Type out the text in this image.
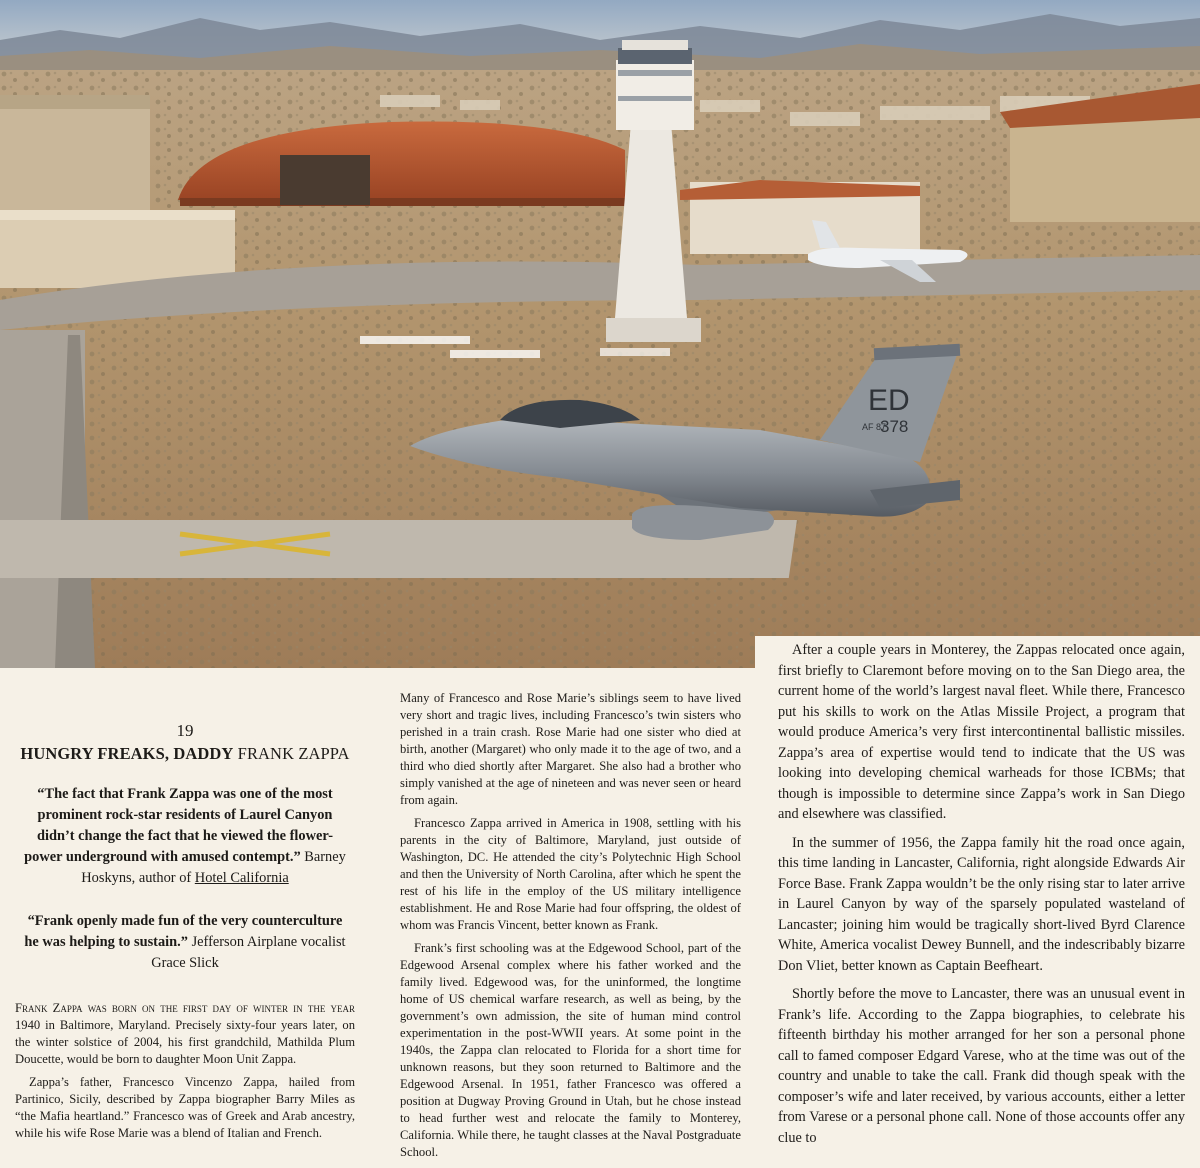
ED
AF 87
378
19
HUNGRY FREAKS, DADDY FRANK ZAPPA
“The fact that Frank Zappa was one of the most prominent rock-star residents of Laurel Canyon didn’t change the fact that he viewed the flower-power underground with amused contempt.” Barney Hoskyns, author of Hotel California
“Frank openly made fun of the very counterculture he was helping to sustain.” Jefferson Airplane vocalist Grace Slick

Frank Zappa was born on the first day of winter in the year 1940 in Baltimore, Maryland. Precisely sixty-four years later, on the winter solstice of 2004, his first grandchild, Mathilda Plum Doucette, would be born to daughter Moon Unit Zappa.

Zappa’s father, Francesco Vincenzo Zappa, hailed from Partinico, Sicily, described by Zappa biographer Barry Miles as “the Mafia heartland.” Francesco was of Greek and Arab ancestry, while his wife Rose Marie was a blend of Italian and French.

Many of Francesco and Rose Marie’s siblings seem to have lived very short and tragic lives, including Francesco’s twin sisters who perished in a train crash. Rose Marie had one sister who died at birth, another (Margaret) who only made it to the age of two, and a third who died shortly after Margaret. She also had a brother who simply vanished at the age of nineteen and was never seen or heard from again.

Francesco Zappa arrived in America in 1908, settling with his parents in the city of Baltimore, Maryland, just outside of Washington, DC. He attended the city’s Polytechnic High School and then the University of North Carolina, after which he spent the rest of his life in the employ of the US military intelligence establishment. He and Rose Marie had four offspring, the oldest of whom was Francis Vincent, better known as Frank.

Frank’s first schooling was at the Edgewood School, part of the Edgewood Arsenal complex where his father worked and the family lived. Edgewood was, for the uninformed, the longtime home of US chemical warfare research, as well as being, by the government’s own admission, the site of human mind control experimentation in the post-WWII years. At some point in the 1940s, the Zappa clan relocated to Florida for a short time for unknown reasons, but they soon returned to Baltimore and the Edgewood Arsenal. In 1951, father Francesco was offered a position at Dugway Proving Ground in Utah, but he chose instead to head further west and relocate the family to Monterey, California. While there, he taught classes at the Naval Postgraduate School.

After a couple years in Monterey, the Zappas relocated once again, first briefly to Claremont before moving on to the San Diego area, the current home of the world’s largest naval fleet. While there, Francesco put his skills to work on the Atlas Missile Project, a program that would produce America’s very first intercontinental ballistic missiles. Zappa’s area of expertise would tend to indicate that the US was looking into developing chemical warheads for those ICBMs; that though is impossible to determine since Zappa’s work in San Diego and elsewhere was classified.

In the summer of 1956, the Zappa family hit the road once again, this time landing in Lancaster, California, right alongside Edwards Air Force Base. Frank Zappa wouldn’t be the only rising star to later arrive in Laurel Canyon by way of the sparsely populated wasteland of Lancaster; joining him would be tragically short-lived Byrd Clarence White, America vocalist Dewey Bunnell, and the indescribably bizarre Don Vliet, better known as Captain Beefheart.

Shortly before the move to Lancaster, there was an unusual event in Frank’s life. According to the Zappa biographies, to celebrate his fifteenth birthday his mother arranged for her son a personal phone call to famed composer Edgard Varese, who at the time was out of the country and unable to take the call. Frank did though speak with the composer’s wife and later received, by various accounts, either a letter from Varese or a personal phone call. None of those accounts offer any clue to
